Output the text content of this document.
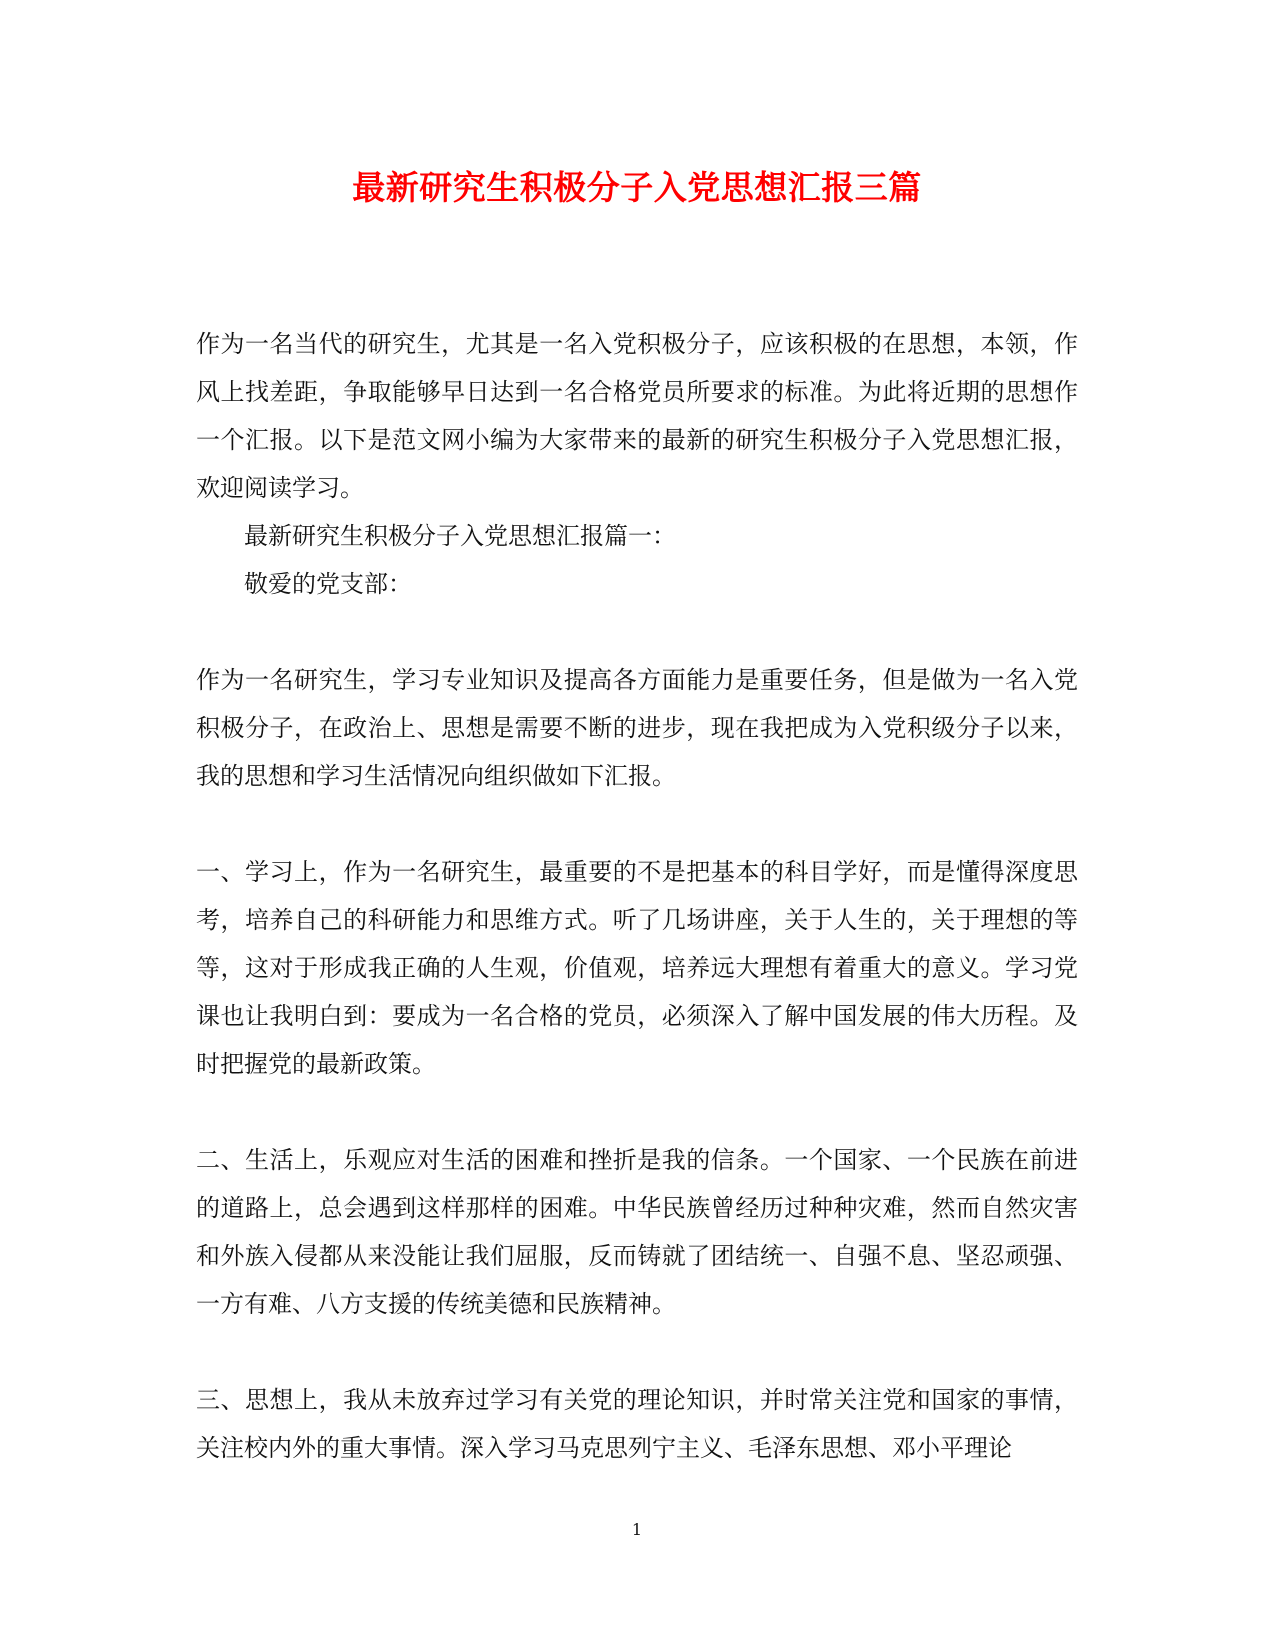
最新研究生积极分子入党思想汇报三篇

作为一名当代的研究生，尤其是一名入党积极分子，应该积极的在思想，本领，作风上找差距，争取能够早日达到一名合格党员所要求的标准。为此将近期的思想作一个汇报。以下是范文网小编为大家带来的最新的研究生积极分子入党思想汇报，欢迎阅读学习。

最新研究生积极分子入党思想汇报篇一：

敬爱的党支部：

作为一名研究生，学习专业知识及提高各方面能力是重要任务，但是做为一名入党积极分子，在政治上、思想是需要不断的进步，现在我把成为入党积级分子以来，我的思想和学习生活情况向组织做如下汇报。

一、学习上，作为一名研究生，最重要的不是把基本的科目学好，而是懂得深度思考，培养自己的科研能力和思维方式。听了几场讲座，关于人生的，关于理想的等等，这对于形成我正确的人生观，价值观，培养远大理想有着重大的意义。学习党课也让我明白到：要成为一名合格的党员，必须深入了解中国发展的伟大历程。及时把握党的最新政策。

二、生活上，乐观应对生活的困难和挫折是我的信条。一个国家、一个民族在前进的道路上，总会遇到这样那样的困难。中华民族曾经历过种种灾难，然而自然灾害和外族入侵都从来没能让我们屈服，反而铸就了团结统一、自强不息、坚忍顽强、一方有难、八方支援的传统美德和民族精神。

三、思想上，我从未放弃过学习有关党的理论知识，并时常关注党和国家的事情，关注校内外的重大事情。深入学习马克思列宁主义、毛泽东思想、邓小平理论

1
